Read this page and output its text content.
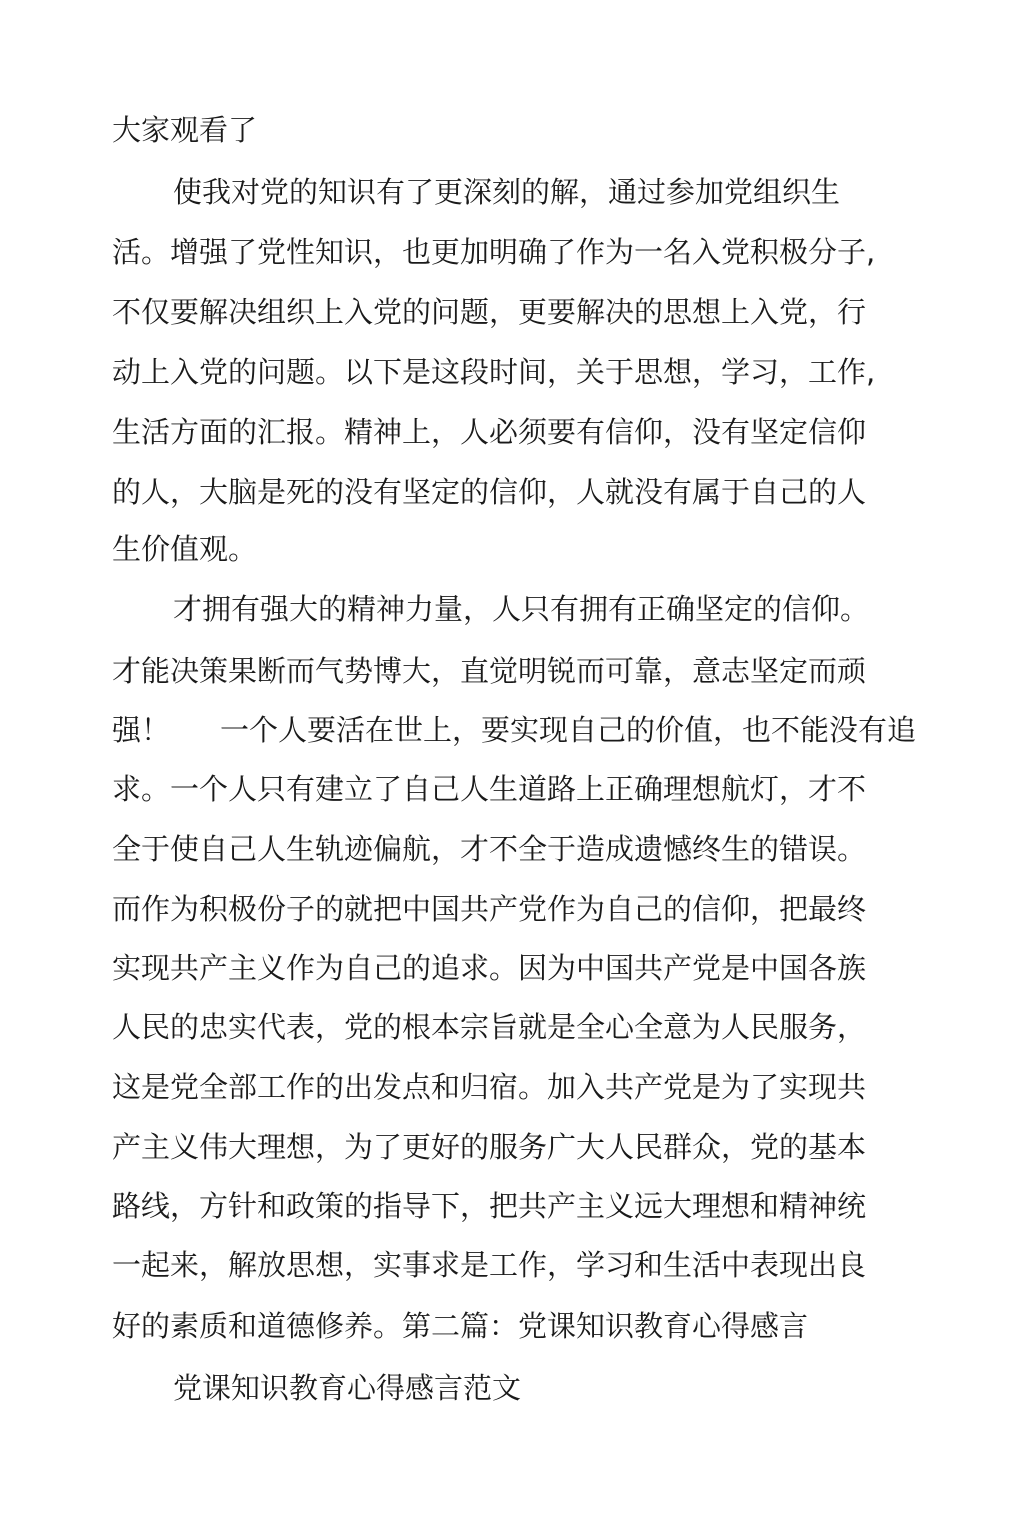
大家观看了
使我对党的知识有了更深刻的解，通过参加党组织生
活。增强了党性知识，也更加明确了作为一名入党积极分子,
不仅要解决组织上入党的问题，更要解决的思想上入党，行
动上入党的问题。以下是这段时间，关于思想，学习，工作,
生活方面的汇报。精神上，人必须要有信仰，没有坚定信仰
的人，大脑是死的没有坚定的信仰，人就没有属于自己的人
生价值观。
才拥有强大的精神力量，人只有拥有正确坚定的信仰。
才能决策果断而气势博大，直觉明锐而可靠，意志坚定而顽
强！ 一个人要活在世上，要实现自己的价值，也不能没有追
求。一个人只有建立了自己人生道路上正确理想航灯，才不
全于使自己人生轨迹偏航，才不全于造成遗憾终生的错误。
而作为积极份子的就把中国共产党作为自己的信仰，把最终
实现共产主义作为自己的追求。因为中国共产党是中国各族
人民的忠实代表，党的根本宗旨就是全心全意为人民服务，
这是党全部工作的出发点和归宿。加入共产党是为了实现共
产主义伟大理想，为了更好的服务广大人民群众，党的基本
路线，方针和政策的指导下，把共产主义远大理想和精神统
一起来，解放思想，实事求是工作，学习和生活中表现出良
好的素质和道德修养。第二篇：党课知识教育心得感言
党课知识教育心得感言范文
